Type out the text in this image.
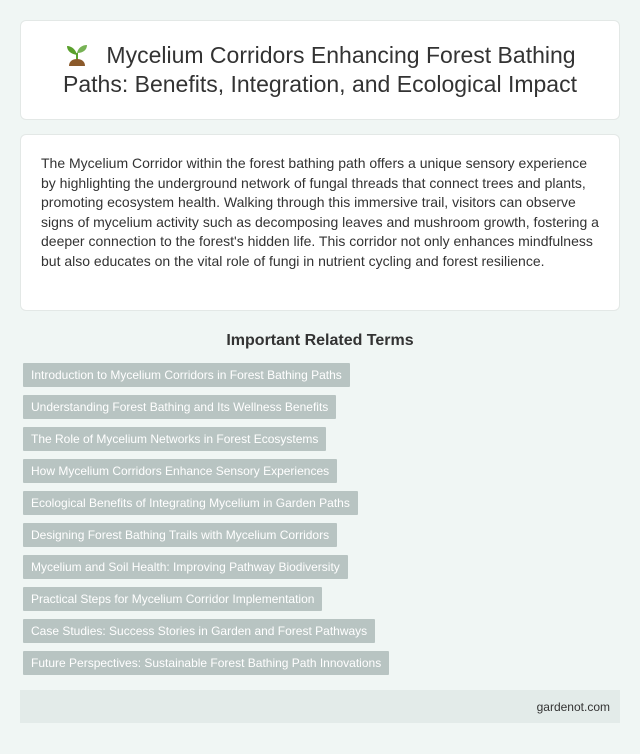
Mycelium Corridors Enhancing Forest Bathing Paths: Benefits, Integration, and Ecological Impact

The Mycelium Corridor within the forest bathing path offers a unique sensory experience by highlighting the underground network of fungal threads that connect trees and plants, promoting ecosystem health. Walking through this immersive trail, visitors can observe signs of mycelium activity such as decomposing leaves and mushroom growth, fostering a deeper connection to the forest's hidden life. This corridor not only enhances mindfulness but also educates on the vital role of fungi in nutrient cycling and forest resilience.

Important Related Terms
Introduction to Mycelium Corridors in Forest Bathing Paths
Understanding Forest Bathing and Its Wellness Benefits
The Role of Mycelium Networks in Forest Ecosystems
How Mycelium Corridors Enhance Sensory Experiences
Ecological Benefits of Integrating Mycelium in Garden Paths
Designing Forest Bathing Trails with Mycelium Corridors
Mycelium and Soil Health: Improving Pathway Biodiversity
Practical Steps for Mycelium Corridor Implementation
Case Studies: Success Stories in Garden and Forest Pathways
Future Perspectives: Sustainable Forest Bathing Path Innovations
gardenot.com
